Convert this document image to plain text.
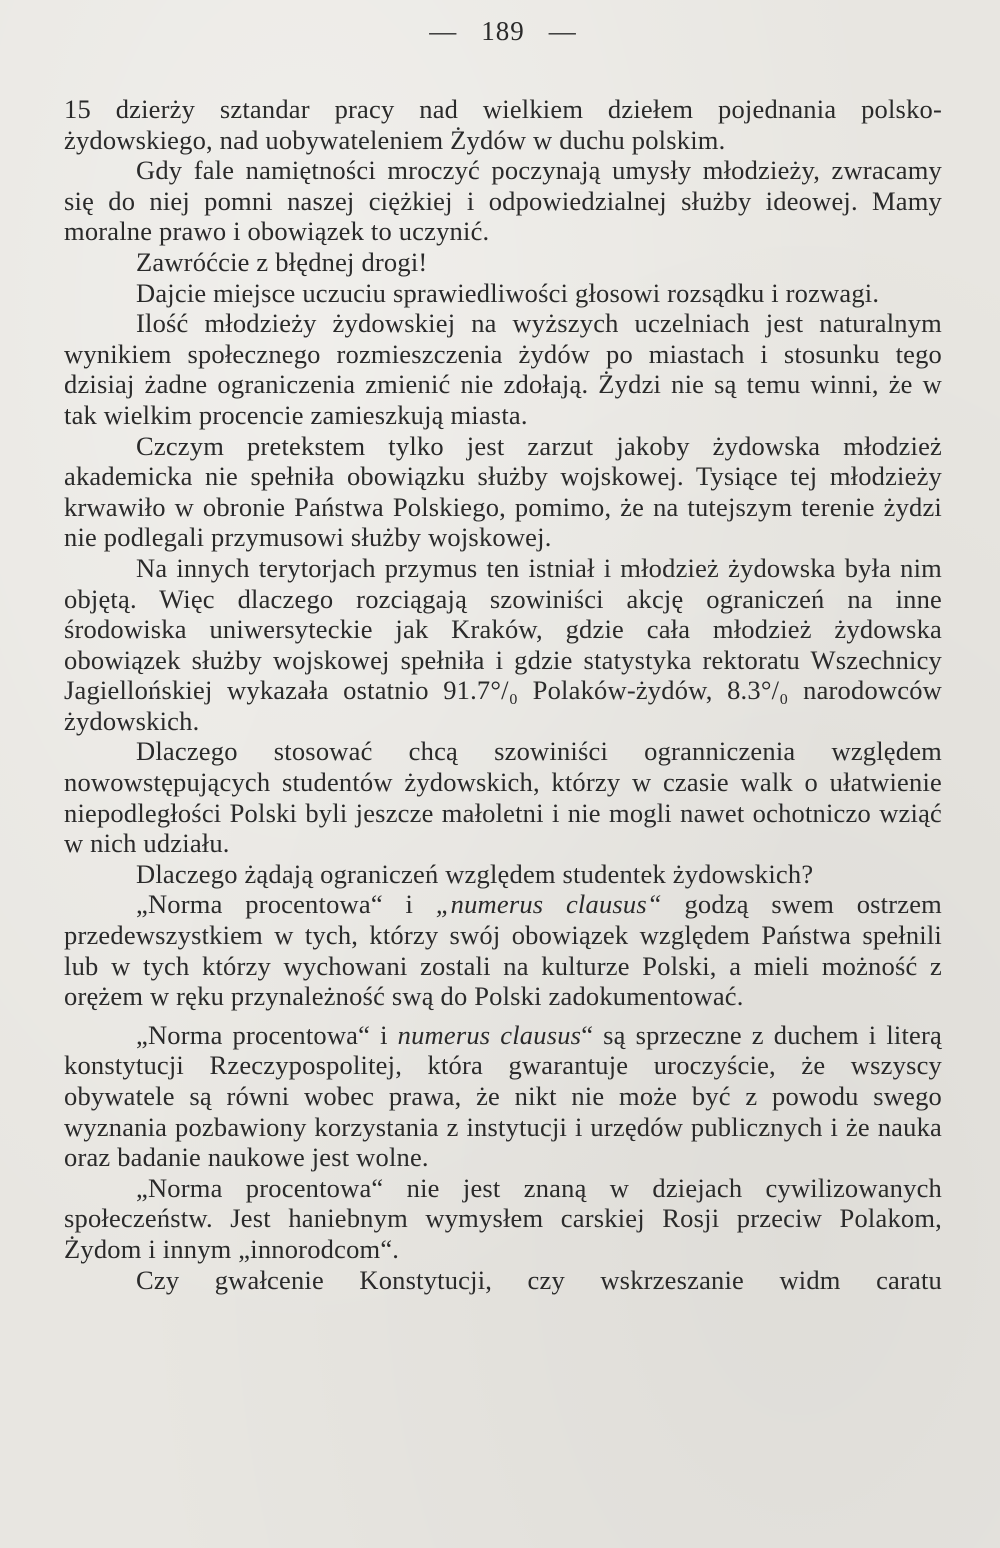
— 189 —

15 dzierży sztandar pracy nad wielkiem dziełem pojednania polsko-żydowskiego, nad uobywateleniem Żydów w duchu polskim.

Gdy fale namiętności mroczyć poczynają umysły młodzieży, zwracamy się do niej pomni naszej ciężkiej i odpowiedzialnej służby ideowej. Mamy moralne prawo i obowiązek to uczynić.

Zawróćcie z błędnej drogi!

Dajcie miejsce uczuciu sprawiedliwości głosowi rozsądku i rozwagi.

Ilość młodzieży żydowskiej na wyższych uczelniach jest naturalnym wynikiem społecznego rozmieszczenia żydów po miastach i stosunku tego dzisiaj żadne ograniczenia zmienić nie zdołają. Żydzi nie są temu winni, że w tak wielkim procencie zamieszkują miasta.

Czczym pretekstem tylko jest zarzut jakoby żydowska młodzież akademicka nie spełniła obowiązku służby wojskowej. Tysiące tej młodzieży krwawiło w obronie Państwa Polskiego, pomimo, że na tutejszym terenie żydzi nie podlegali przymusowi służby wojskowej.

Na innych terytorjach przymus ten istniał i młodzież żydowska była nim objętą. Więc dlaczego rozciągają szowiniści akcję ograniczeń na inne środowiska uniwersyteckie jak Kraków, gdzie cała młodzież żydowska obowiązek służby wojskowej spełniła i gdzie statystyka rektoratu Wszechnicy Jagiellońskiej wykazała ostatnio 91.7°/₀ Polaków-żydów, 8.3°/₀ narodowców żydowskich.

Dlaczego stosować chcą szowiniści ogranniczenia względem nowowstępujących studentów żydowskich, którzy w czasie walk o ułatwienie niepodległości Polski byli jeszcze małoletni i nie mogli nawet ochotniczo wziąć w nich udziału.

Dlaczego żądają ograniczeń względem studentek żydowskich?

„Norma procentowa“ i „numerus clausus“ godzą swem ostrzem przedewszystkiem w tych, którzy swój obowiązek względem Państwa spełnili lub w tych którzy wychowani zostali na kulturze Polski, a mieli możność z orężem w ręku przynależność swą do Polski zadokumentować.

„Norma procentowa“ i numerus clausus“ są sprzeczne z duchem i literą konstytucji Rzeczypospolitej, która gwarantuje uroczyście, że wszyscy obywatele są równi wobec prawa, że nikt nie może być z powodu swego wyznania pozbawiony korzystania z instytucji i urzędów publicznych i że nauka oraz badanie naukowe jest wolne.

„Norma procentowa“ nie jest znaną w dziejach cywilizowanych społeczeństw. Jest haniebnym wymysłem carskiej Rosji przeciw Polakom, Żydom i innym „innorodcom“.

Czy gwałcenie Konstytucji, czy wskrzeszanie widm caratu
